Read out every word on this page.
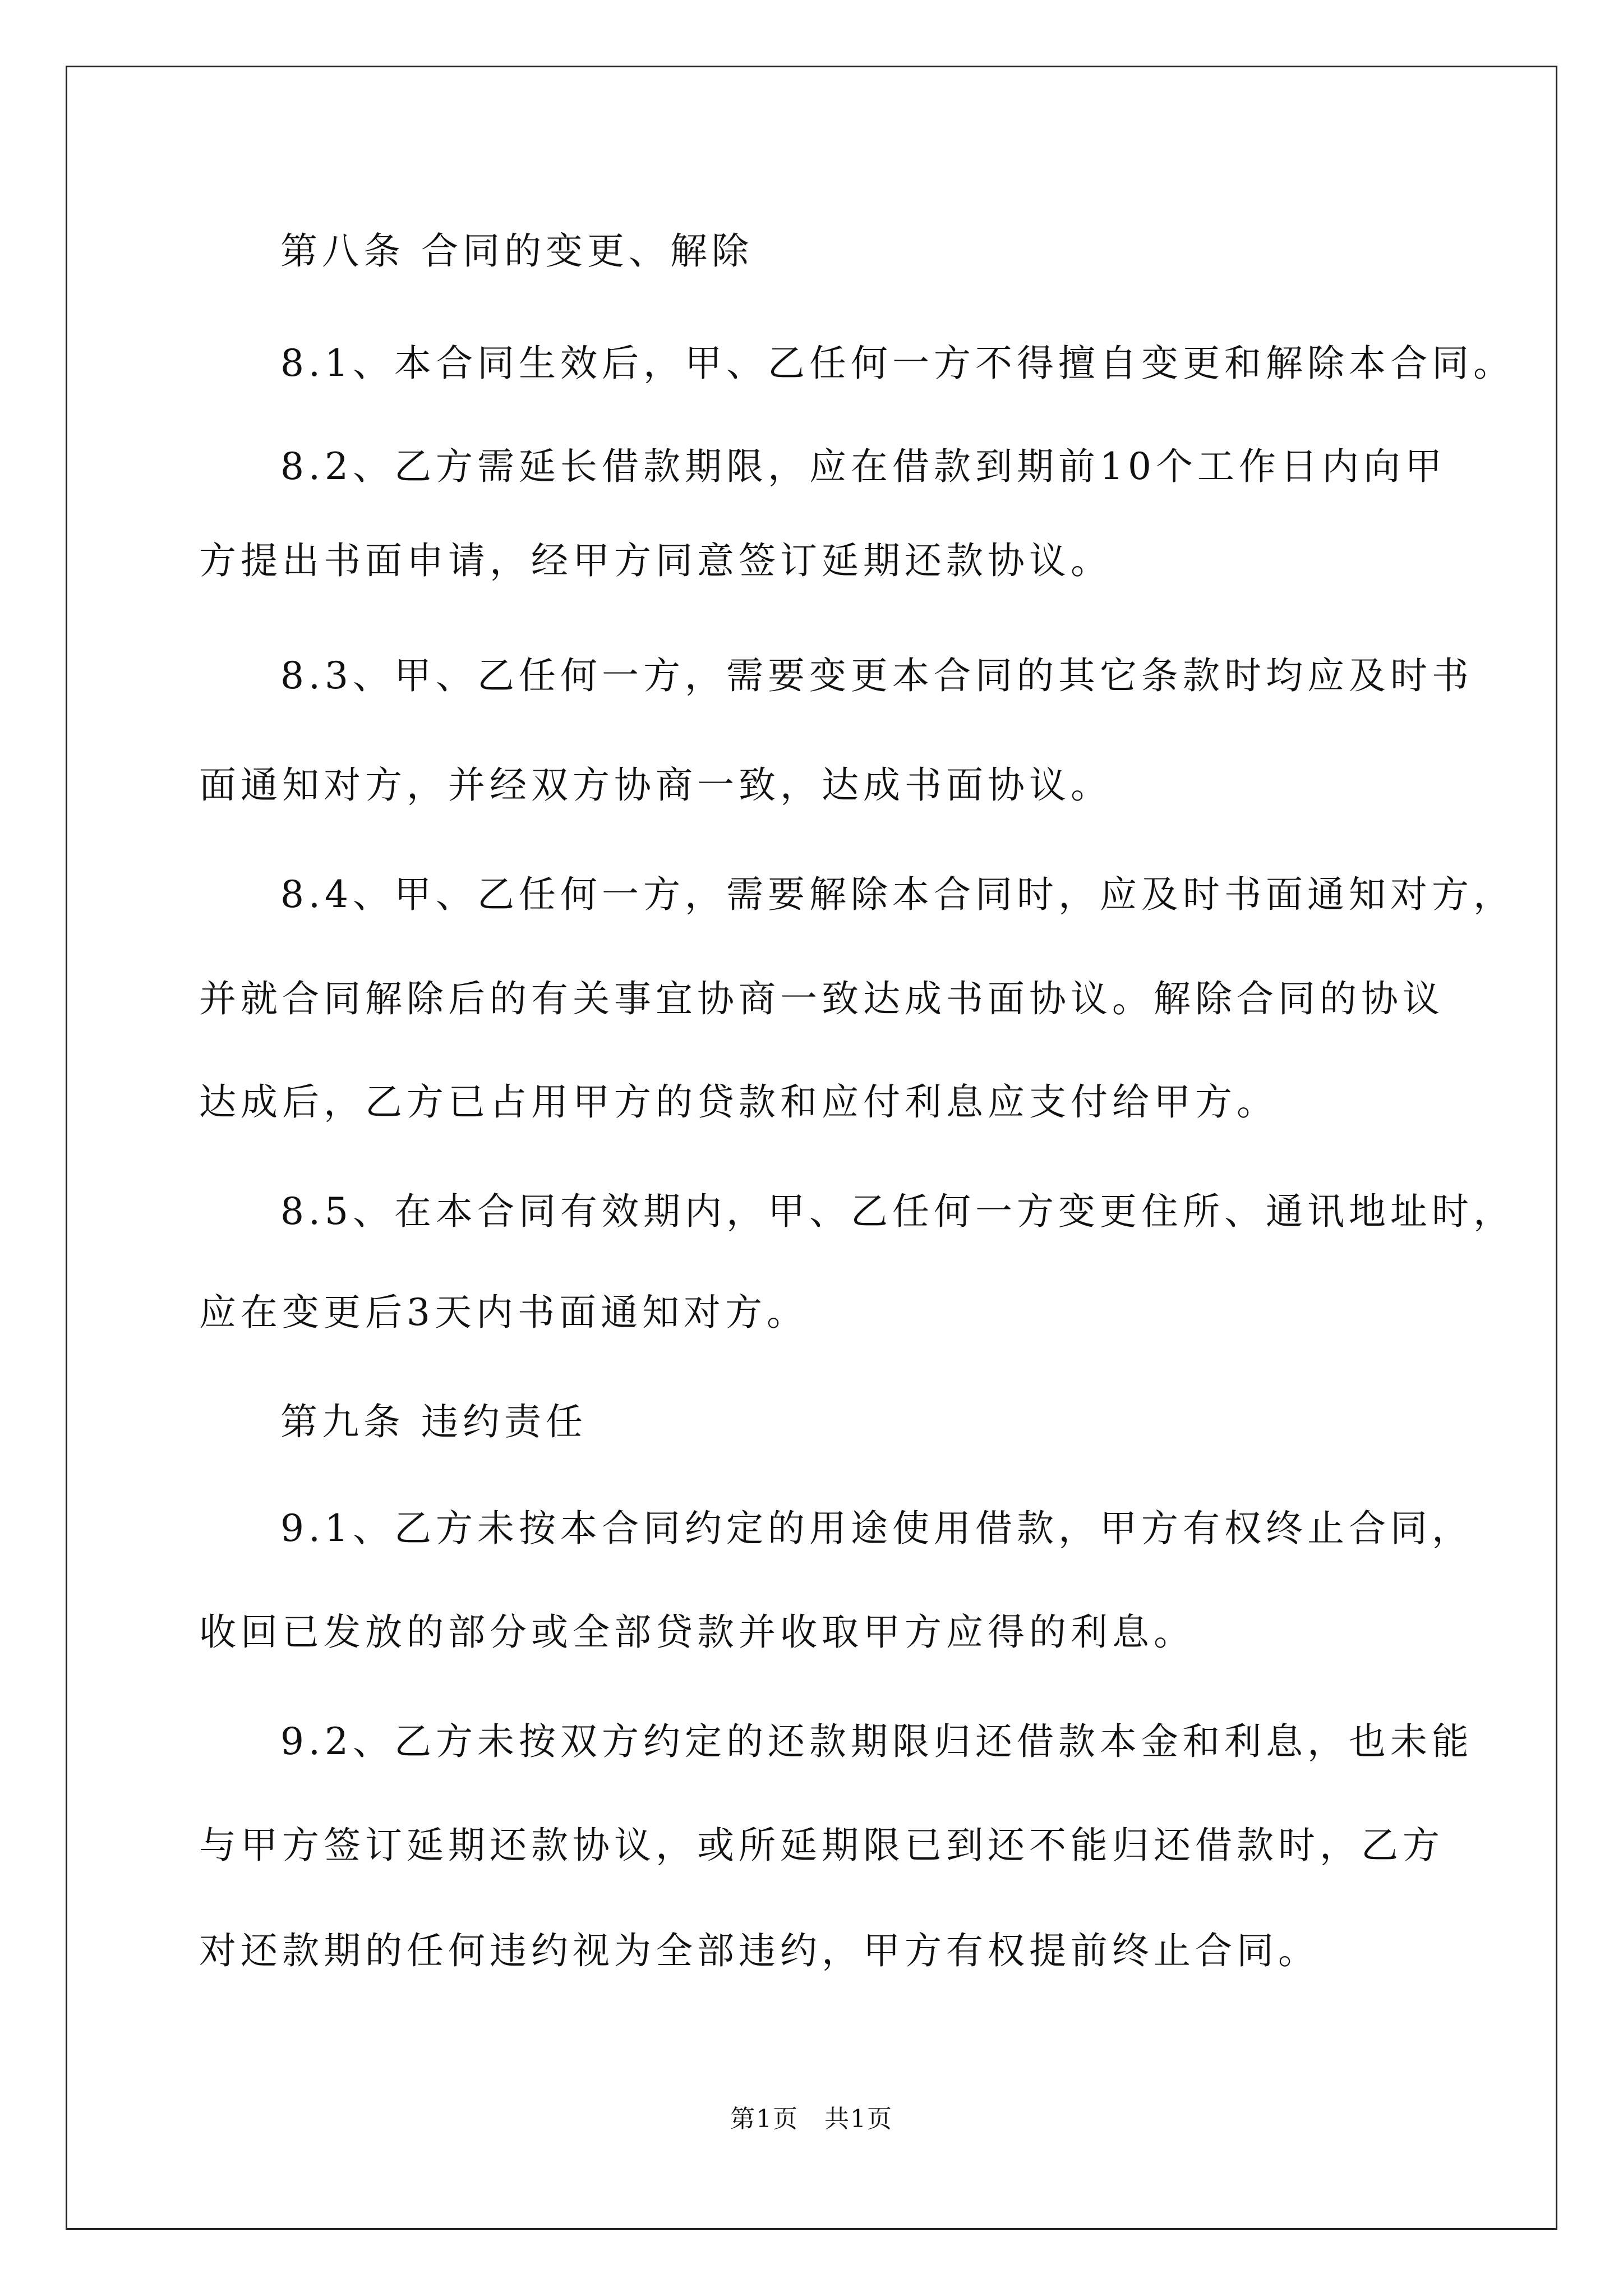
第八条 合同的变更、解除
8.1、本合同生效后，甲、乙任何一方不得擅自变更和解除本合同。
8.2、乙方需延长借款期限，应在借款到期前10个工作日内向甲
方提出书面申请，经甲方同意签订延期还款协议。
8.3、甲、乙任何一方，需要变更本合同的其它条款时均应及时书
面通知对方，并经双方协商一致，达成书面协议。
8.4、甲、乙任何一方，需要解除本合同时，应及时书面通知对方，
并就合同解除后的有关事宜协商一致达成书面协议。解除合同的协议
达成后，乙方已占用甲方的贷款和应付利息应支付给甲方。
8.5、在本合同有效期内，甲、乙任何一方变更住所、通讯地址时，
应在变更后3天内书面通知对方。
第九条 违约责任
9.1、乙方未按本合同约定的用途使用借款，甲方有权终止合同，
收回已发放的部分或全部贷款并收取甲方应得的利息。
9.2、乙方未按双方约定的还款期限归还借款本金和利息，也未能
与甲方签订延期还款协议，或所延期限已到还不能归还借款时，乙方
对还款期的任何违约视为全部违约，甲方有权提前终止合同。
第1页　共1页
